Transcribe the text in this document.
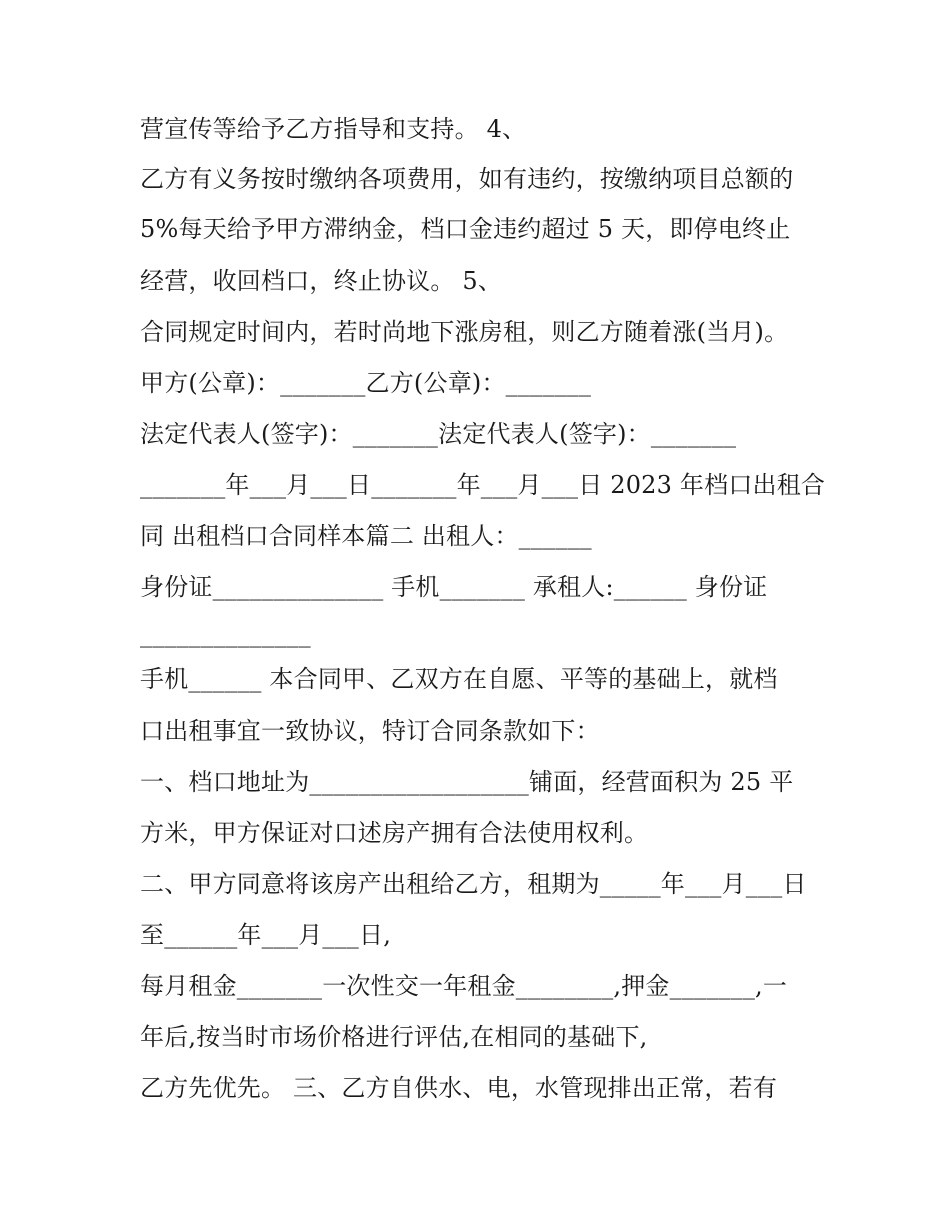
营宣传等给予乙方指导和支持。 4、

乙方有义务按时缴纳各项费用，如有违约，按缴纳项目总额的

5%每天给予甲方滞纳金，档口金违约超过 5 天，即停电终止

经营，收回档口，终止协议。 5、

合同规定时间内，若时尚地下涨房租，则乙方随着涨(当月)。

甲方(公章)：_______乙方(公章)：_______

法定代表人(签字)：_______法定代表人(签字)：_______

_______年___月___日_______年___月___日 2023 年档口出租合

同 出租档口合同样本篇二 出租人：______

身份证______________ 手机_______ 承租人:______ 身份证

______________

手机______ 本合同甲、乙双方在自愿、平等的基础上，就档

口出租事宜一致协议，特订合同条款如下：

一、档口地址为__________________铺面，经营面积为 25 平

方米，甲方保证对口述房产拥有合法使用权利。

二、甲方同意将该房产出租给乙方，租期为_____年___月___日

至______年___月___日,

每月租金_______一次性交一年租金________,押金_______,一

年后,按当时市场价格进行评估,在相同的基础下,

乙方先优先。 三、乙方自供水、电，水管现排出正常，若有
